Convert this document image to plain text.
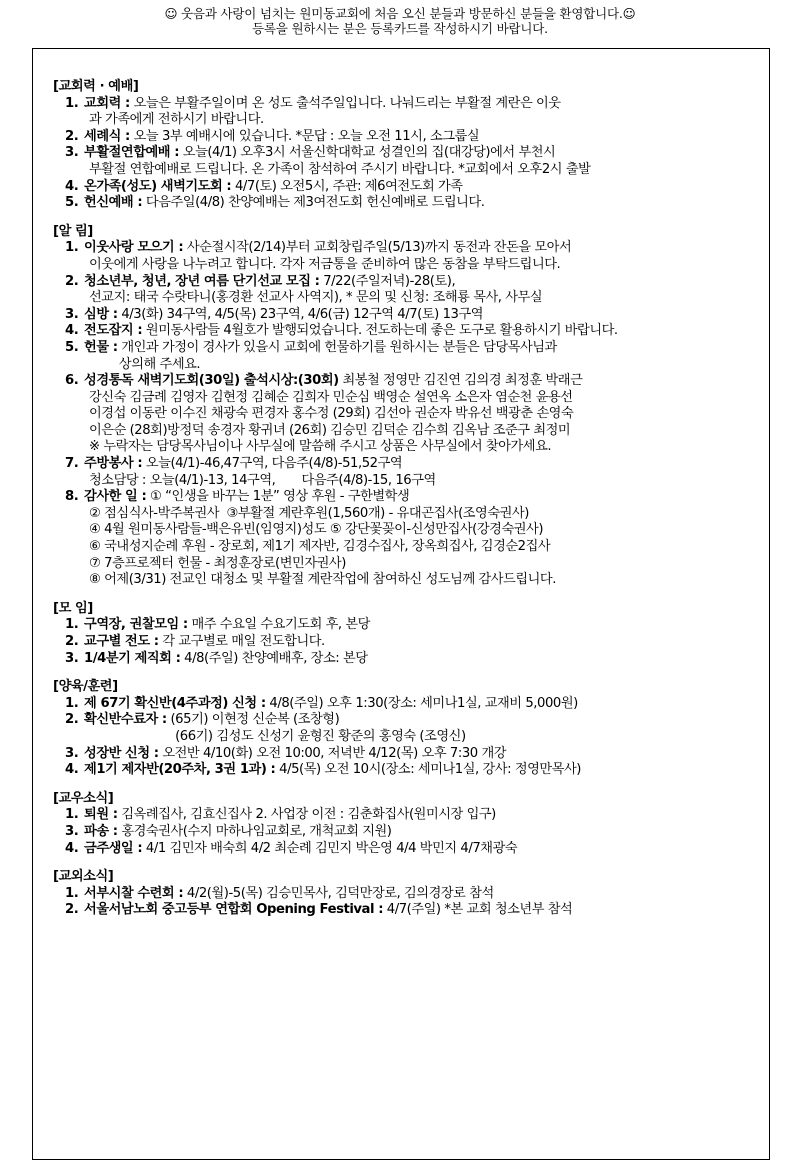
☺ 웃음과 사랑이 넘치는 원미동교회에 처음 오신 분들과 방문하신 분들을 환영합니다.☺
등록을 원하시는 분은 등록카드를 작성하시기 바랍니다.
[교회력 · 예배]
1. 교회력 : 오늘은 부활주일이며 온 성도 출석주일입니다. 나눠드리는 부활절 계란은 이웃
과 가족에게 전하시기 바랍니다.
2. 세례식 : 오늘 3부 예배시에 있습니다. *문답 : 오늘 오전 11시, 소그룹실
3. 부활절연합예배 : 오늘(4/1) 오후3시 서울신학대학교 성결인의 집(대강당)에서 부천시
부활절 연합예배로 드립니다. 온 가족이 참석하여 주시기 바랍니다. *교회에서 오후2시 출발
4. 온가족(성도) 새벽기도회 : 4/7(토) 오전5시, 주관: 제6여전도회 가족
5. 헌신예배 : 다음주일(4/8) 찬양예배는 제3여전도회 헌신예배로 드립니다.
[알 림]
1. 이웃사랑 모으기 : 사순절시작(2/14)부터 교회창립주일(5/13)까지 동전과 잔돈을 모아서
이웃에게 사랑을 나누려고 합니다. 각자 저금통을 준비하여 많은 동참을 부탁드립니다.
2. 청소년부, 청년, 장년 여름 단기선교 모집 : 7/22(주일저녁)-28(토),
선교지: 태국 수랏타니(홍경환 선교사 사역지), * 문의 및 신청: 조해룡 목사, 사무실
3. 심방 : 4/3(화) 34구역, 4/5(목) 23구역, 4/6(금) 12구역 4/7(토) 13구역
4. 전도잡지 : 원미동사람들 4월호가 발행되었습니다. 전도하는데 좋은 도구로 활용하시기 바랍니다.
5. 헌물 : 개인과 가정이 경사가 있을시 교회에 헌물하기를 원하시는 분들은 담당목사님과
상의해 주세요.
6. 성경통독 새벽기도회(30일) 출석시상:(30회) 최봉철 정영만 김진연 김의경 최정훈 박래근
강신숙 김금례 김영자 김현정 김혜순 김희자 민순심 백영순 설연옥 소은자 염순천 윤용선
이경섭 이동란 이수진 채광숙 편경자 홍수정 (29회) 김선아 권순자 박유선 백광춘 손영숙
이은순 (28회)방정덕 송경자 황귀녀 (26회) 김승민 김덕순 김수희 김옥남 조준구 최정미
※ 누락자는 담당목사님이나 사무실에 말씀해 주시고 상품은 사무실에서 찾아가세요.
7. 주방봉사 : 오늘(4/1)-46,47구역, 다음주(4/8)-51,52구역
청소담당 : 오늘(4/1)-13, 14구역,       다음주(4/8)-15, 16구역
8. 감사한 일 : ① “인생을 바꾸는 1분” 영상 후원 - 구한별학생
② 점심식사-박주복권사  ③부활절 계란후원(1,560개) - 유대곤집사(조영숙권사)
④ 4월 원미동사람들-백은유빈(임영지)성도 ⑤ 강단꽃꽂이-신성만집사(강경숙권사)
⑥ 국내성지순례 후원 - 장로회, 제1기 제자반, 김경수집사, 장옥희집사, 김경순2집사
⑦ 7층프로젝터 헌물 - 최정훈장로(변민자권사)
⑧ 어제(3/31) 전교인 대청소 및 부활절 계란작업에 참여하신 성도님께 감사드립니다.
[모 임]
1. 구역장, 권찰모임 : 매주 수요일 수요기도회 후, 본당
2. 교구별 전도 : 각 교구별로 매일 전도합니다.
3. 1/4분기 제직회 : 4/8(주일) 찬양예배후, 장소: 본당
[양육/훈련]
1. 제 67기 확신반(4주과정) 신청 : 4/8(주일) 오후 1:30(장소: 세미나1실, 교재비 5,000원)
2. 확신반수료자 : (65기) 이현정 신순복 (조창형)
(66기) 김성도 신성기 윤형진 황준의 홍영숙 (조영신)
3. 성장반 신청 : 오전반 4/10(화) 오전 10:00, 저녁반 4/12(목) 오후 7:30 개강
4. 제1기 제자반(20주차, 3권 1과) : 4/5(목) 오전 10시(장소: 세미나1실, 강사: 정영만목사)
[교우소식]
1. 퇴원 : 김옥례집사, 김효신집사 2. 사업장 이전 : 김춘화집사(원미시장 입구)
3. 파송 : 홍경숙권사(수지 마하나임교회로, 개척교회 지원)
4. 금주생일 : 4/1 김민자 배숙희 4/2 최순례 김민지 박은영 4/4 박민지 4/7채광숙
[교외소식]
1. 서부시찰 수련회 : 4/2(월)-5(목) 김승민목사, 김덕만장로, 김의경장로 참석
2. 서울서남노회 중고등부 연합회 Opening Festival : 4/7(주일) *본 교회 청소년부 참석
